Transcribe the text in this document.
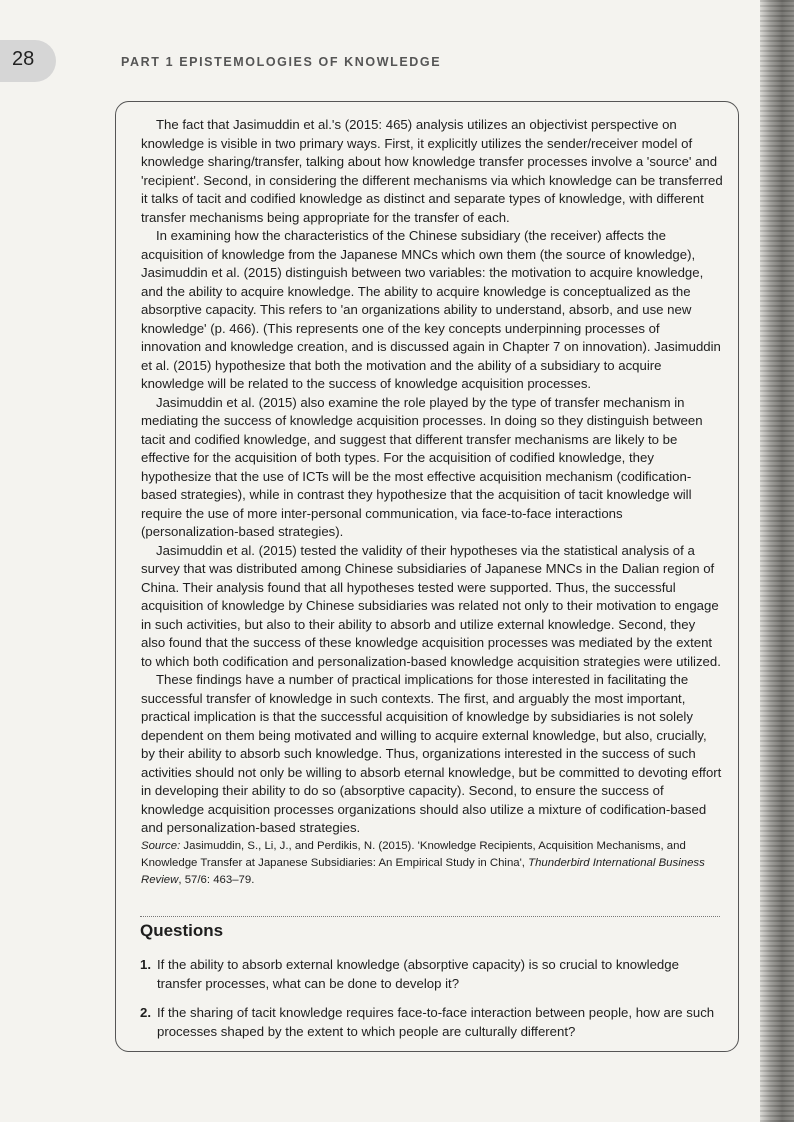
28	PART 1 EPISTEMOLOGIES OF KNOWLEDGE

The fact that Jasimuddin et al.'s (2015: 465) analysis utilizes an objectivist perspective on knowledge is visible in two primary ways. First, it explicitly utilizes the sender/receiver model of knowledge sharing/transfer, talking about how knowledge transfer processes involve a 'source' and 'recipient'. Second, in considering the different mechanisms via which knowledge can be transferred it talks of tacit and codified knowledge as distinct and separate types of knowledge, with different transfer mechanisms being appropriate for the transfer of each.

In examining how the characteristics of the Chinese subsidiary (the receiver) affects the acquisition of knowledge from the Japanese MNCs which own them (the source of knowledge), Jasimuddin et al. (2015) distinguish between two variables: the motivation to acquire knowledge, and the ability to acquire knowledge. The ability to acquire knowledge is conceptualized as the absorptive capacity. This refers to 'an organizations ability to understand, absorb, and use new knowledge' (p. 466). (This represents one of the key concepts underpinning processes of innovation and knowledge creation, and is discussed again in Chapter 7 on innovation). Jasimuddin et al. (2015) hypothesize that both the motivation and the ability of a subsidiary to acquire knowledge will be related to the success of knowledge acquisition processes.

Jasimuddin et al. (2015) also examine the role played by the type of transfer mechanism in mediating the success of knowledge acquisition processes. In doing so they distinguish between tacit and codified knowledge, and suggest that different transfer mechanisms are likely to be effective for the acquisition of both types. For the acquisition of codified knowledge, they hypothesize that the use of ICTs will be the most effective acquisition mechanism (codification-based strategies), while in contrast they hypothesize that the acquisition of tacit knowledge will require the use of more inter-personal communication, via face-to-face interactions (personalization-based strategies).

Jasimuddin et al. (2015) tested the validity of their hypotheses via the statistical analysis of a survey that was distributed among Chinese subsidiaries of Japanese MNCs in the Dalian region of China. Their analysis found that all hypotheses tested were supported. Thus, the successful acquisition of knowledge by Chinese subsidiaries was related not only to their motivation to engage in such activities, but also to their ability to absorb and utilize external knowledge. Second, they also found that the success of these knowledge acquisition processes was mediated by the extent to which both codification and personalization-based knowledge acquisition strategies were utilized.

These findings have a number of practical implications for those interested in facilitating the successful transfer of knowledge in such contexts. The first, and arguably the most important, practical implication is that the successful acquisition of knowledge by subsidiaries is not solely dependent on them being motivated and willing to acquire external knowledge, but also, crucially, by their ability to absorb such knowledge. Thus, organizations interested in the success of such activities should not only be willing to absorb eternal knowledge, but be committed to devoting effort in developing their ability to do so (absorptive capacity). Second, to ensure the success of knowledge acquisition processes organizations should also utilize a mixture of codification-based and personalization-based strategies.

Source: Jasimuddin, S., Li, J., and Perdikis, N. (2015). 'Knowledge Recipients, Acquisition Mechanisms, and Knowledge Transfer at Japanese Subsidiaries: An Empirical Study in China', Thunderbird International Business Review, 57/6: 463–79.
Questions
1. If the ability to absorb external knowledge (absorptive capacity) is so crucial to knowledge transfer processes, what can be done to develop it?
2. If the sharing of tacit knowledge requires face-to-face interaction between people, how are such processes shaped by the extent to which people are culturally different?
